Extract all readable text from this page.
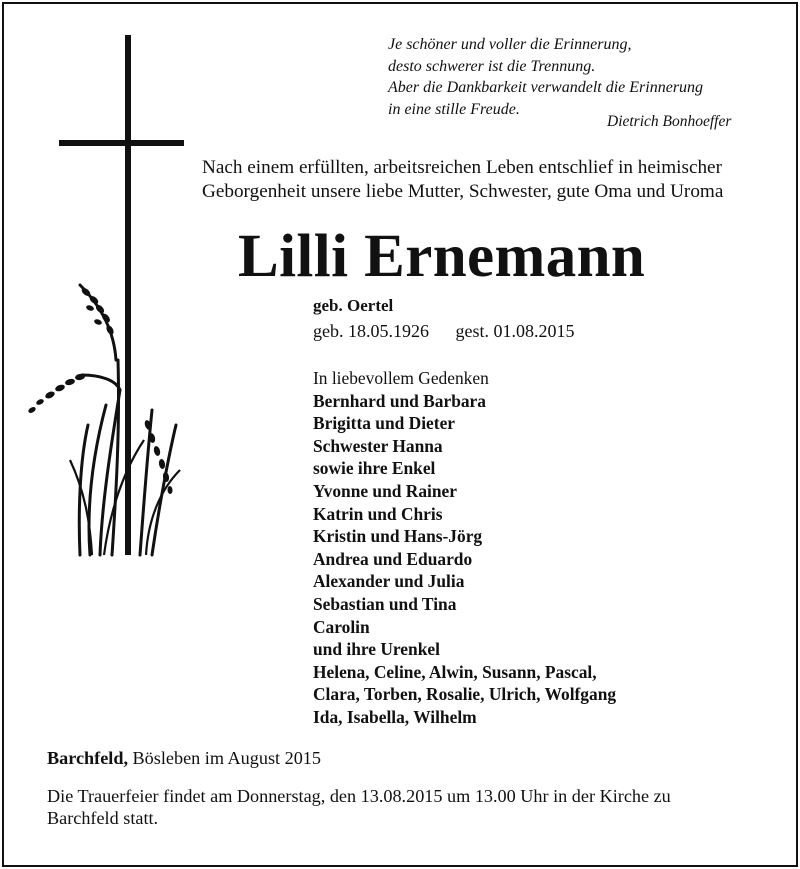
Je schöner und voller die Erinnerung,
desto schwerer ist die Trennung.
Aber die Dankbarkeit verwandelt die Erinnerung
in eine stille Freude.
Dietrich Bonhoeffer
Nach einem erfüllten, arbeitsreichen Leben entschlief in heimischer
Geborgenheit unsere liebe Mutter, Schwester, gute Oma und Uroma
Lilli Ernemann
geb. Oertel
geb. 18.05.1926 gest. 01.08.2015
In liebevollem Gedenken
Bernhard und Barbara
Brigitta und Dieter
Schwester Hanna
sowie ihre Enkel
Yvonne und Rainer
Katrin und Chris
Kristin und Hans-Jörg
Andrea und Eduardo
Alexander und Julia
Sebastian und Tina
Carolin
und ihre Urenkel
Helena, Celine, Alwin, Susann, Pascal,
Clara, Torben, Rosalie, Ulrich, Wolfgang
Ida, Isabella, Wilhelm
Barchfeld, Bösleben im August 2015
Die Trauerfeier findet am Donnerstag, den 13.08.2015 um 13.00 Uhr in der Kirche zu
Barchfeld statt.
